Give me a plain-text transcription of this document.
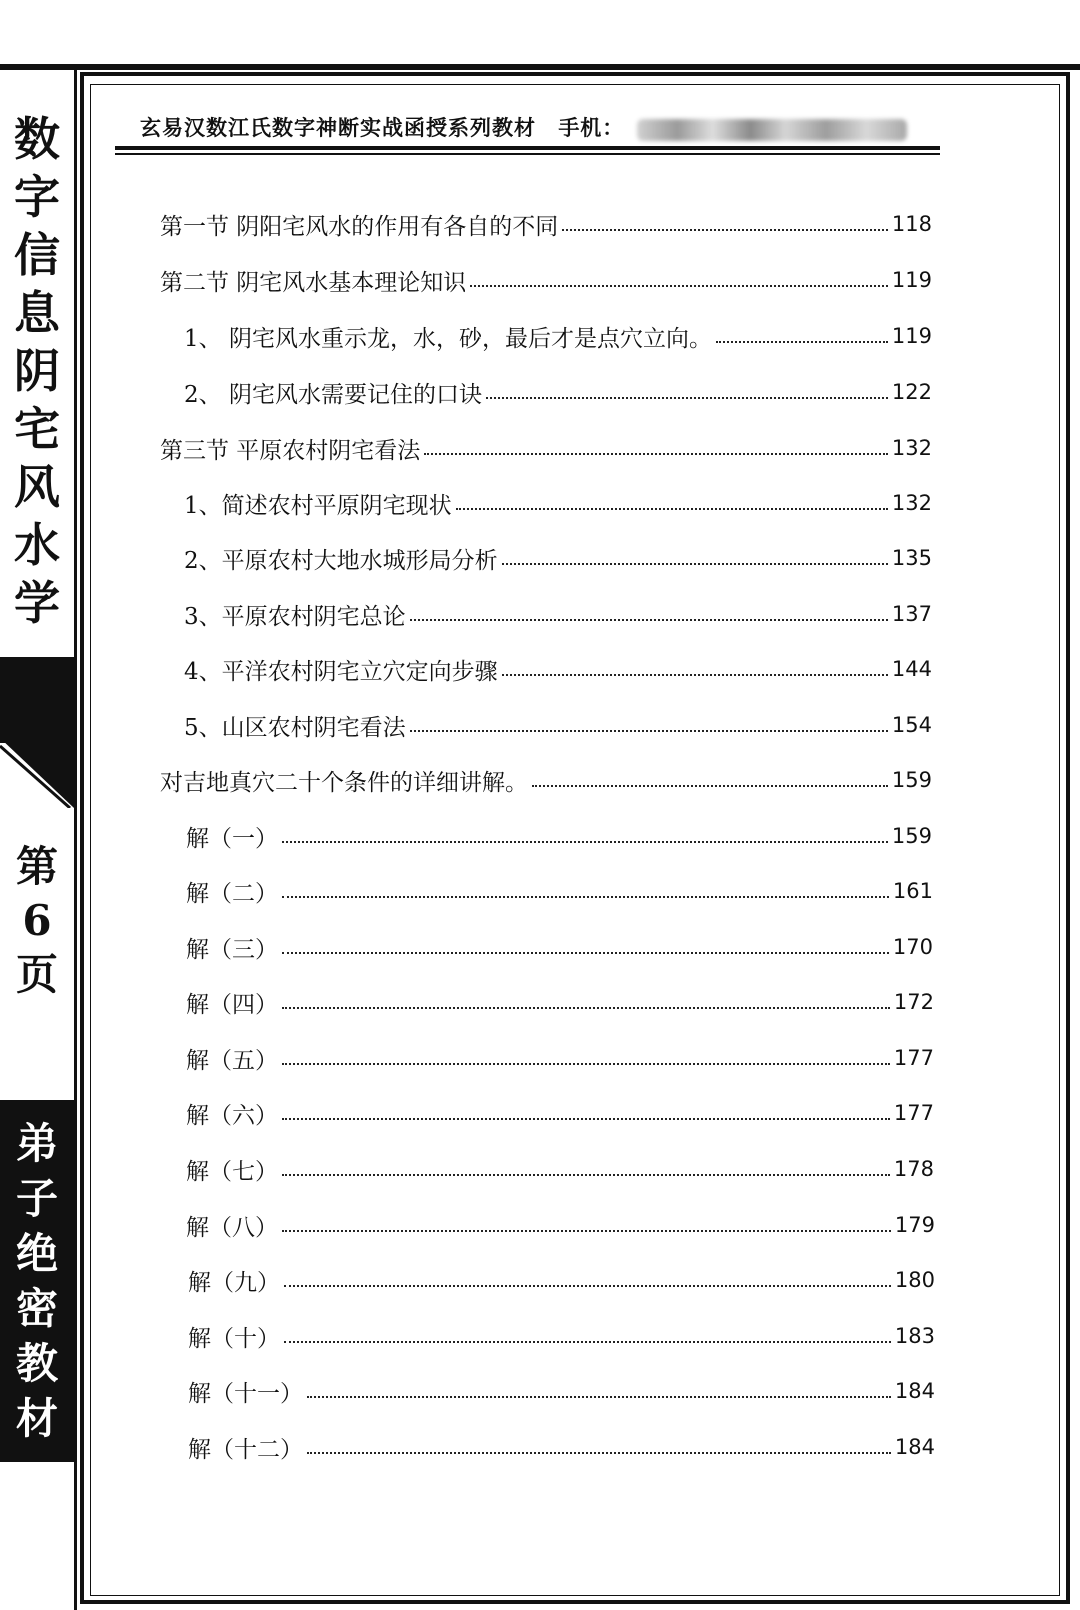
数
字
信
息
阴
宅
风
水
学
第
6
页
弟
子
绝
密
教
材
玄易汉数江氏数字神断实战函授系列教材 手机：
第一节 阴阳宅风水的作用有各自的不同	118
第二节 阴宅风水基本理论知识	119
1、 阴宅风水重示龙，水，砂，最后才是点穴立向。	119
2、 阴宅风水需要记住的口诀	122
第三节 平原农村阴宅看法	132
1、简述农村平原阴宅现状	132
2、平原农村大地水城形局分析	135
3、平原农村阴宅总论	137
4、平洋农村阴宅立穴定向步骤	144
5、山区农村阴宅看法	154
对吉地真穴二十个条件的详细讲解。	159
解（一）	159
解（二）	161
解（三）	170
解（四）	172
解（五）	177
解（六）	177
解（七）	178
解（八）	179
解（九）	180
解（十）	183
解（十一）	184
解（十二）	184
